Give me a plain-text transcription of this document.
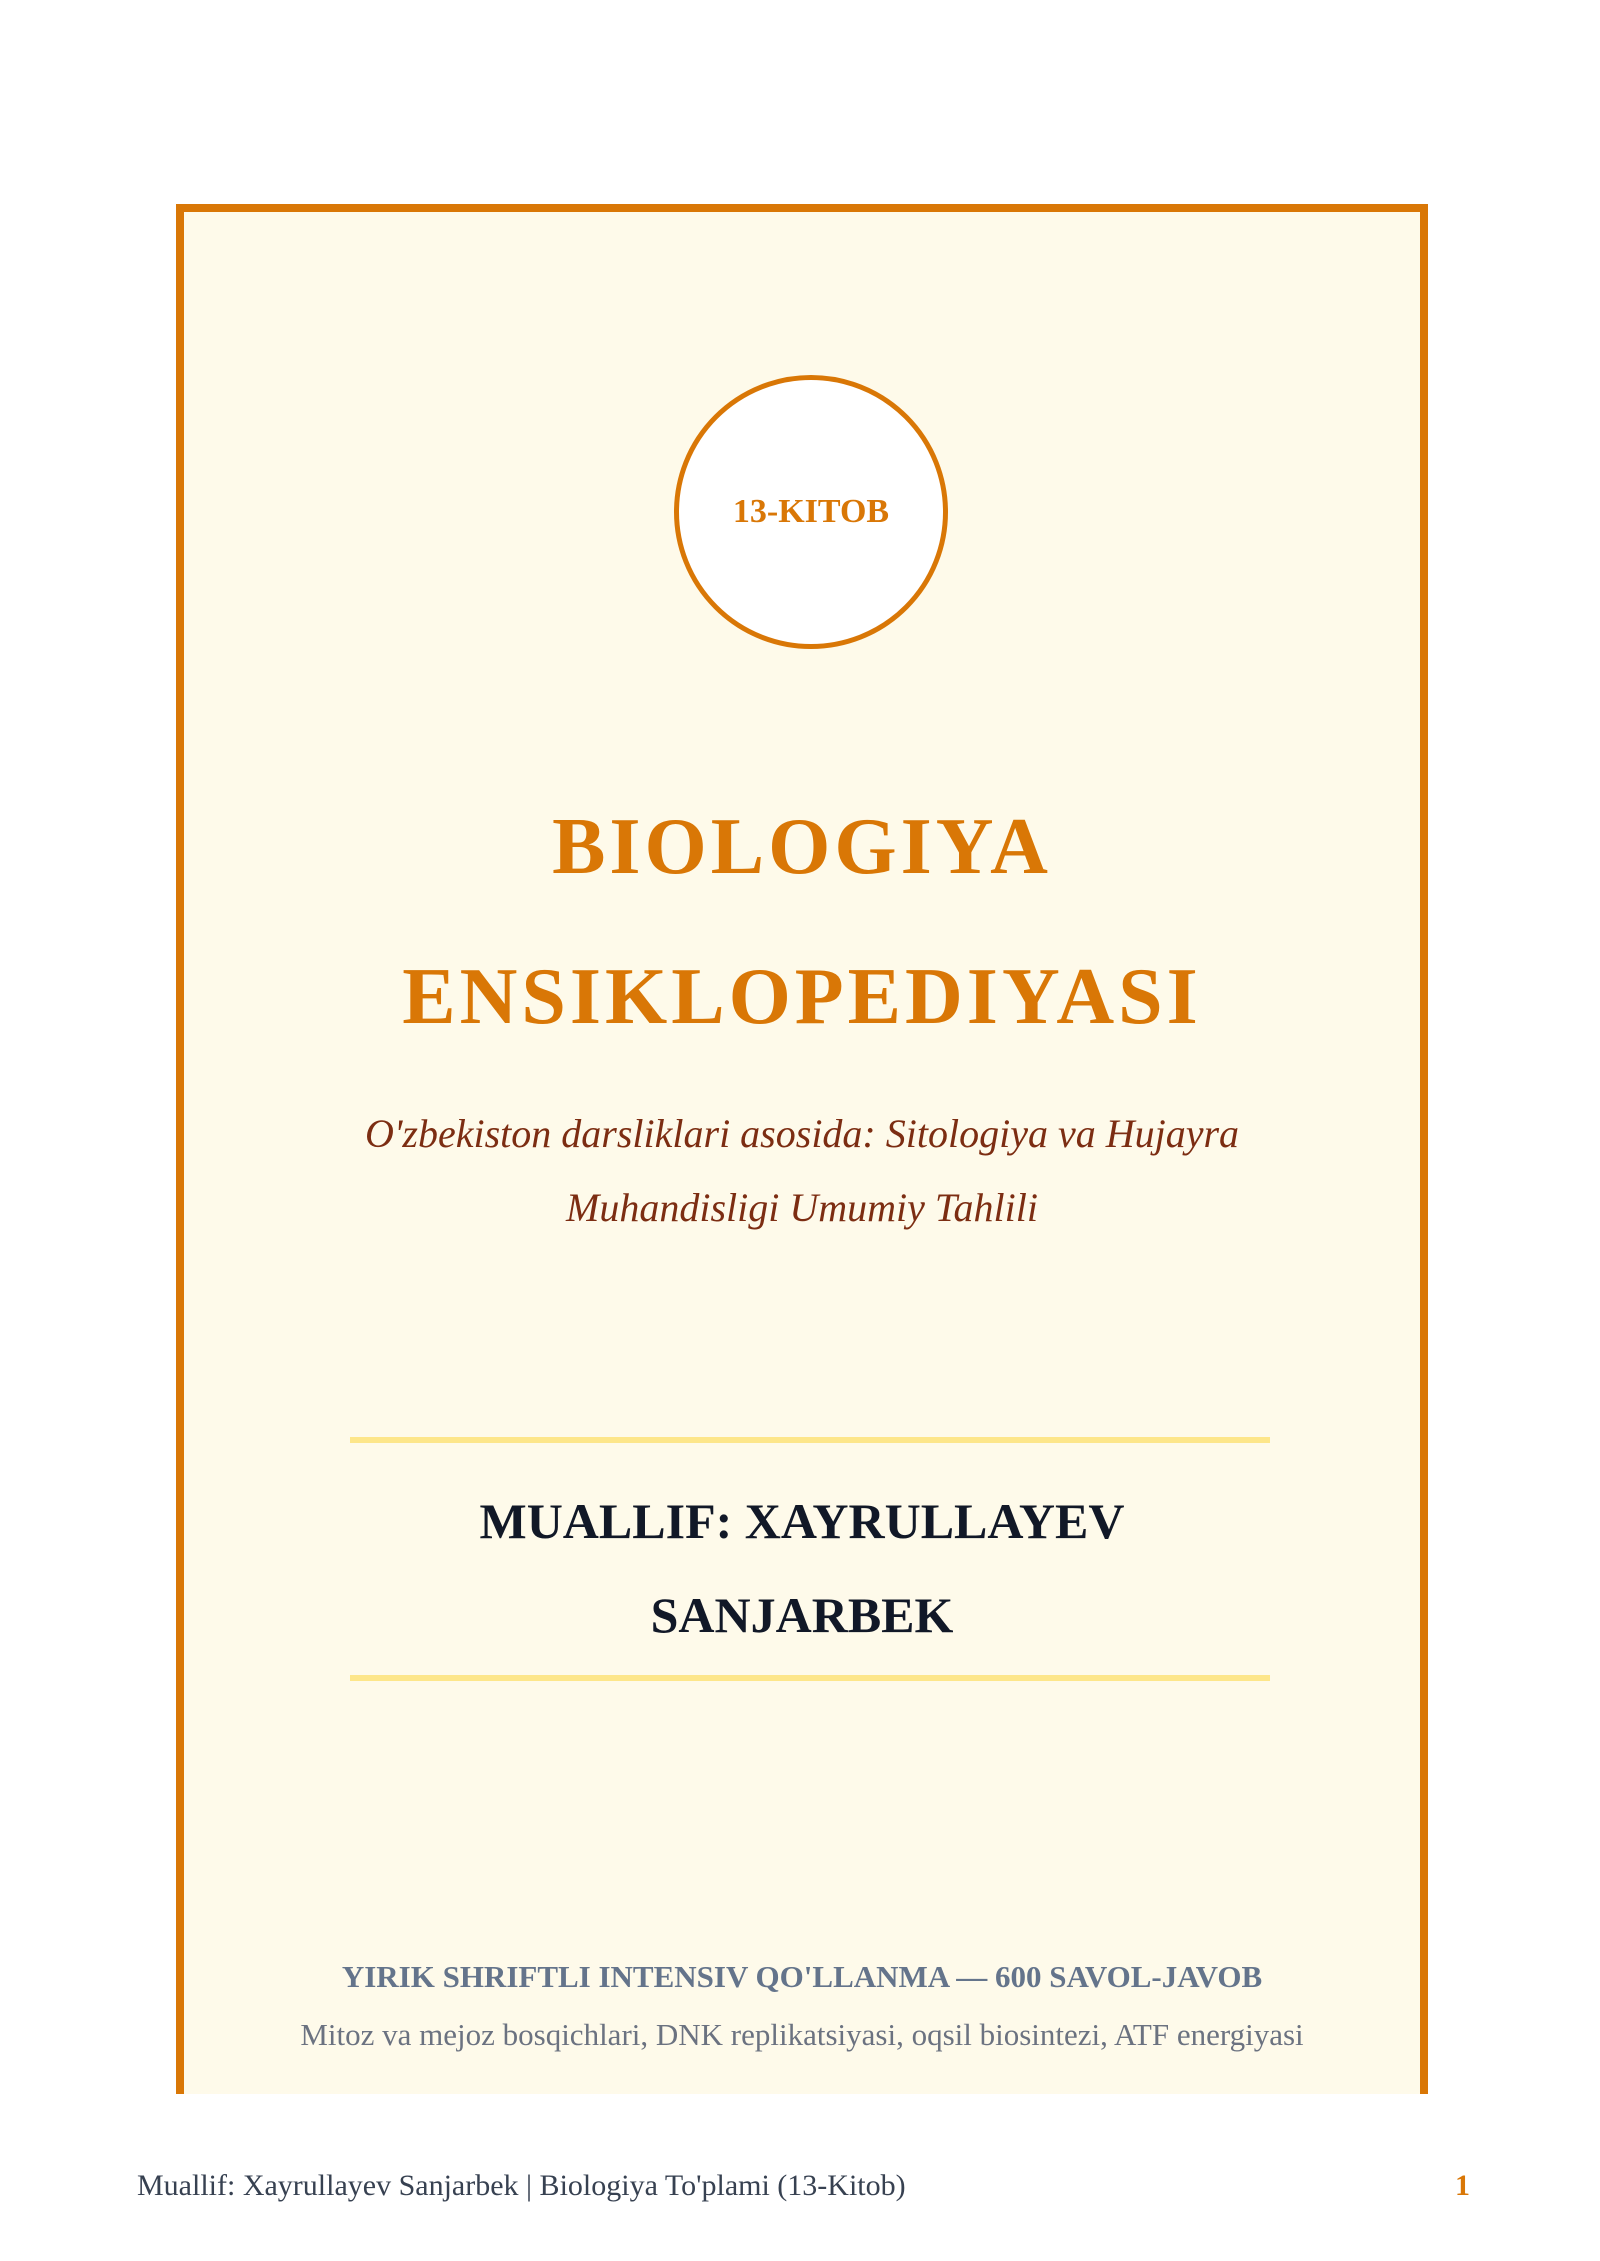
13-KITOB
BIOLOGIYA
ENSIKLOPEDIYASI
O'zbekiston darsliklari asosida: Sitologiya va Hujayra
Muhandisligi Umumiy Tahlili
MUALLIF: XAYRULLAYEV
SANJARBEK
YIRIK SHRIFTLI INTENSIV QO'LLANMA — 600 SAVOL-JAVOB
Mitoz va mejoz bosqichlari, DNK replikatsiyasi, oqsil biosintezi, ATF energiyasi
Muallif: Xayrullayev Sanjarbek | Biologiya To'plami (13-Kitob)	1
